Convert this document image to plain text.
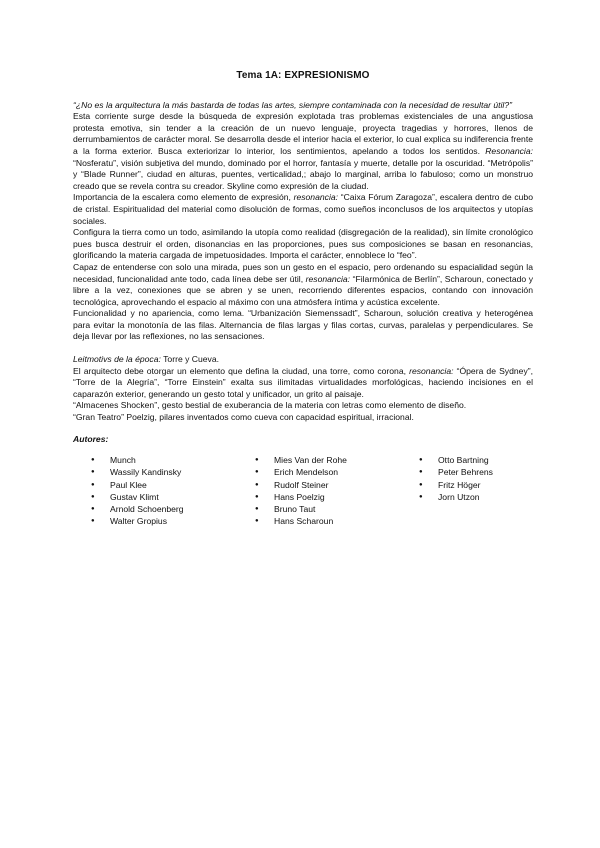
Tema 1A: EXPRESIONISMO

“¿No es la arquitectura la más bastarda de todas las artes, siempre contaminada con la necesidad de resultar útil?”

Esta corriente surge desde la búsqueda de expresión explotada tras problemas existenciales de una angustiosa protesta emotiva, sin tender a la creación de un nuevo lenguaje, proyecta tragedias y horrores, llenos de derrumbamientos de carácter moral. Se desarrolla desde el interior hacia el exterior, lo cual explica su indiferencia frente a la forma exterior. Busca exteriorizar lo interior, los sentimientos, apelando a todos los sentidos. Resonancia: “Nosferatu”, visión subjetiva del mundo, dominado por el horror, fantasía y muerte, detalle por la oscuridad. “Metrópolis” y “Blade Runner”, ciudad en alturas, puentes, verticalidad,; abajo lo marginal, arriba lo fabuloso; como un monstruo creado que se revela contra su creador. Skyline como expresión de la ciudad.

Importancia de la escalera como elemento de expresión, resonancia: “Caixa Fórum Zaragoza”, escalera dentro de cubo de cristal. Espiritualidad del material como disolución de formas, como sueños inconclusos de los arquitectos y utopías sociales.

Configura la tierra como un todo, asimilando la utopía como realidad (disgregación de la realidad), sin límite cronológico pues busca destruir el orden, disonancias en las proporciones, pues sus composiciones se basan en resonancias, glorificando la materia cargada de impetuosidades. Importa el carácter, ennoblece lo “feo”.

Capaz de entenderse con solo una mirada, pues son un gesto en el espacio, pero ordenando su espacialidad según la necesidad, funcionalidad ante todo, cada línea debe ser útil, resonancia: “Filarmónica de Berlín”, Scharoun, conectado y libre a la vez, conexiones que se abren y se unen, recorriendo diferentes espacios, contando con innovación tecnológica, aprovechando el espacio al máximo con una atmósfera íntima y acústica excelente.

Funcionalidad y no apariencia, como lema. “Urbanización Siemenssadt”, Scharoun, solución creativa y heterogénea para evitar la monotonía de las filas. Alternancia de filas largas y filas cortas, curvas, paralelas y perpendiculares. Se deja llevar por las reflexiones, no las sensaciones.

Leitmotivs de la época: Torre y Cueva.

El arquitecto debe otorgar un elemento que defina la ciudad, una torre, como corona, resonancia: “Ópera de Sydney”, “Torre de la Alegría”, “Torre Einstein” exalta sus ilimitadas virtualidades morfológicas, haciendo incisiones en el caparazón exterior, generando un gesto total y unificador, un grito al paisaje.

“Almacenes Shocken”, gesto bestial de exuberancia de la materia con letras como elemento de diseño.

“Gran Teatro” Poelzig, pilares inventados como cueva con capacidad espiritual, irracional.

Autores:
● Munch
● Wassily Kandinsky
● Paul Klee
● Gustav Klimt
● Arnold Schoenberg
● Walter Gropius
● Mies Van der Rohe
● Erich Mendelson
● Rudolf Steiner
● Hans Poelzig
● Bruno Taut
● Hans Scharoun
● Otto Bartning
● Peter Behrens
● Fritz Höger
● Jorn Utzon
